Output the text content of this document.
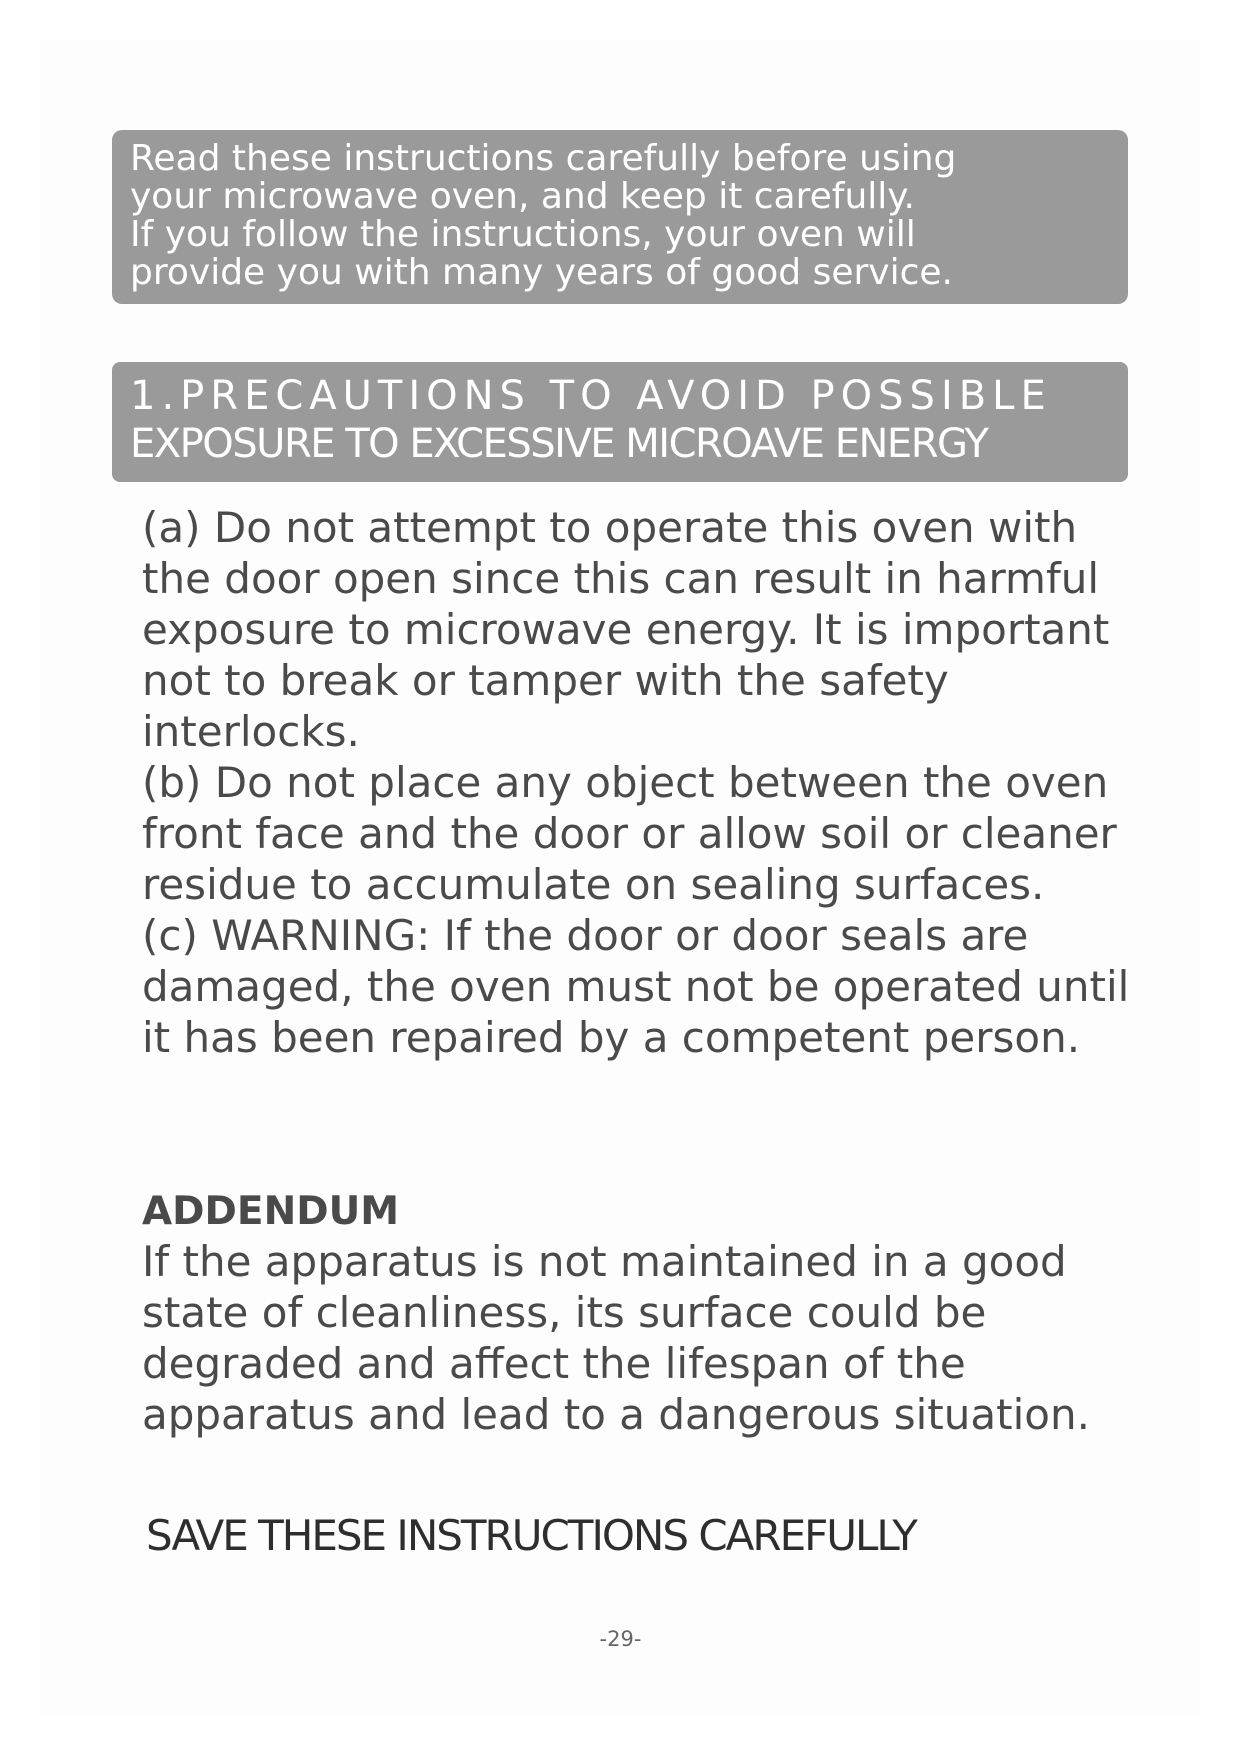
Read these instructions carefully before using

your microwave oven, and keep it carefully.

If you follow the instructions, your oven will

provide you with many years of good service.

1.PRECAUTIONS TO AVOID POSSIBLE
EXPOSURE TO EXCESSIVE MICROAVE ENERGY

(a) Do not attempt to operate this oven with the door open since this can result in harmful exposure to microwave energy. It is important not to break or tamper with the safety interlocks.

(b) Do not place any object between the oven front face and the door or allow soil or cleaner residue to accumulate on sealing surfaces.

(c) WARNING: If the door or door seals are damaged, the oven must not be operated until it has been repaired by a competent person.

ADDENDUM

If the apparatus is not maintained in a good state of cleanliness, its surface could be degraded and affect the lifespan of the apparatus and lead to a dangerous situation.

SAVE THESE INSTRUCTIONS CAREFULLY
-29-
